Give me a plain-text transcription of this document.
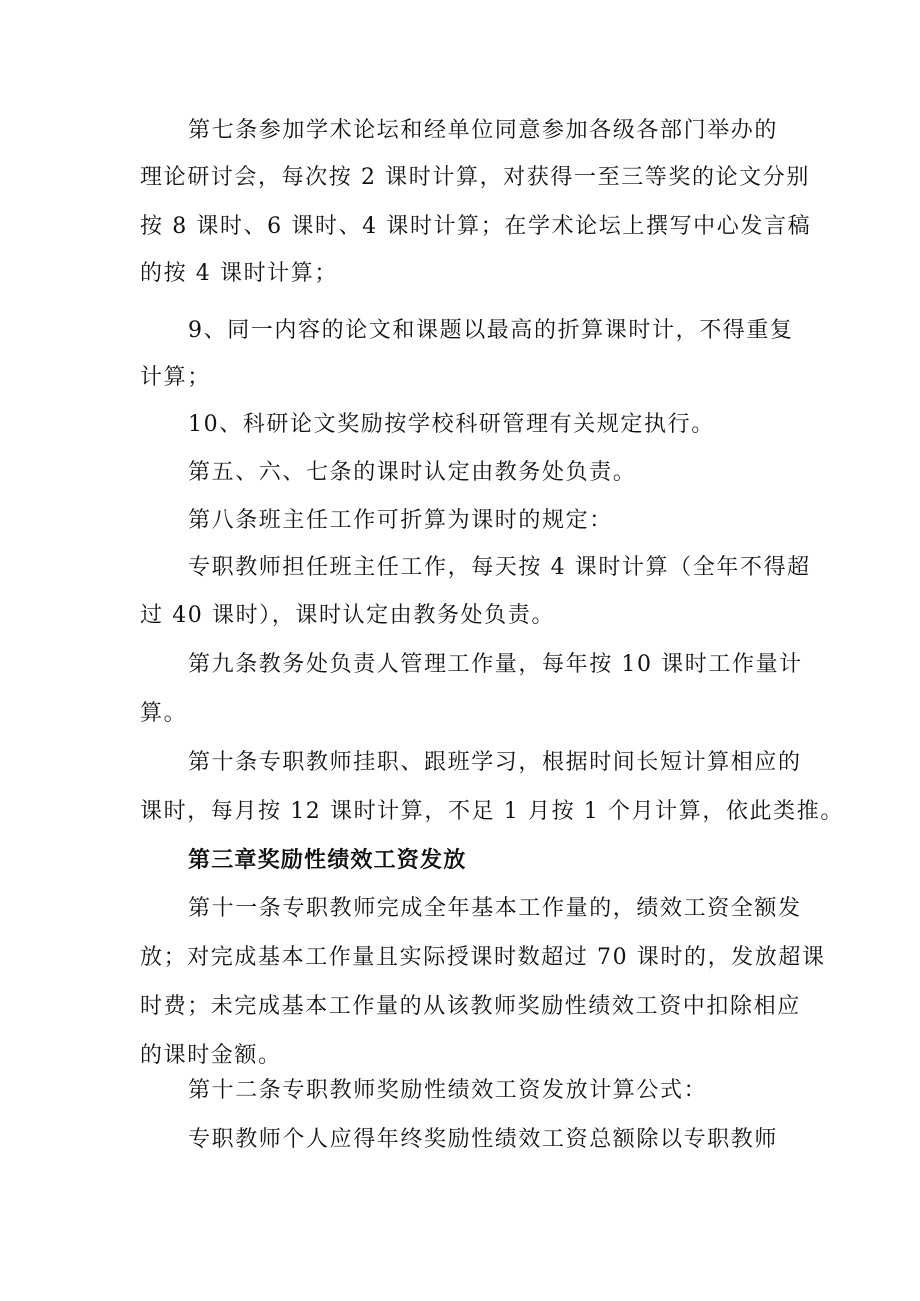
第七条参加学术论坛和经单位同意参加各级各部门举办的
理论研讨会，每次按 2 课时计算，对获得一至三等奖的论文分别
按 8 课时、6 课时、4 课时计算；在学术论坛上撰写中心发言稿
的按 4 课时计算；
9、同一内容的论文和课题以最高的折算课时计，不得重复
计算；
10、科研论文奖励按学校科研管理有关规定执行。
第五、六、七条的课时认定由教务处负责。
第八条班主任工作可折算为课时的规定：
专职教师担任班主任工作，每天按 4 课时计算（全年不得超
过 40 课时），课时认定由教务处负责。
第九条教务处负责人管理工作量，每年按 10 课时工作量计
算。
第十条专职教师挂职、跟班学习，根据时间长短计算相应的
课时，每月按 12 课时计算，不足 1 月按 1 个月计算，依此类推。
第三章奖励性绩效工资发放
第十一条专职教师完成全年基本工作量的，绩效工资全额发
放；对完成基本工作量且实际授课时数超过 70 课时的，发放超课
时费；未完成基本工作量的从该教师奖励性绩效工资中扣除相应
的课时金额。
第十二条专职教师奖励性绩效工资发放计算公式：
专职教师个人应得年终奖励性绩效工资总额除以专职教师
